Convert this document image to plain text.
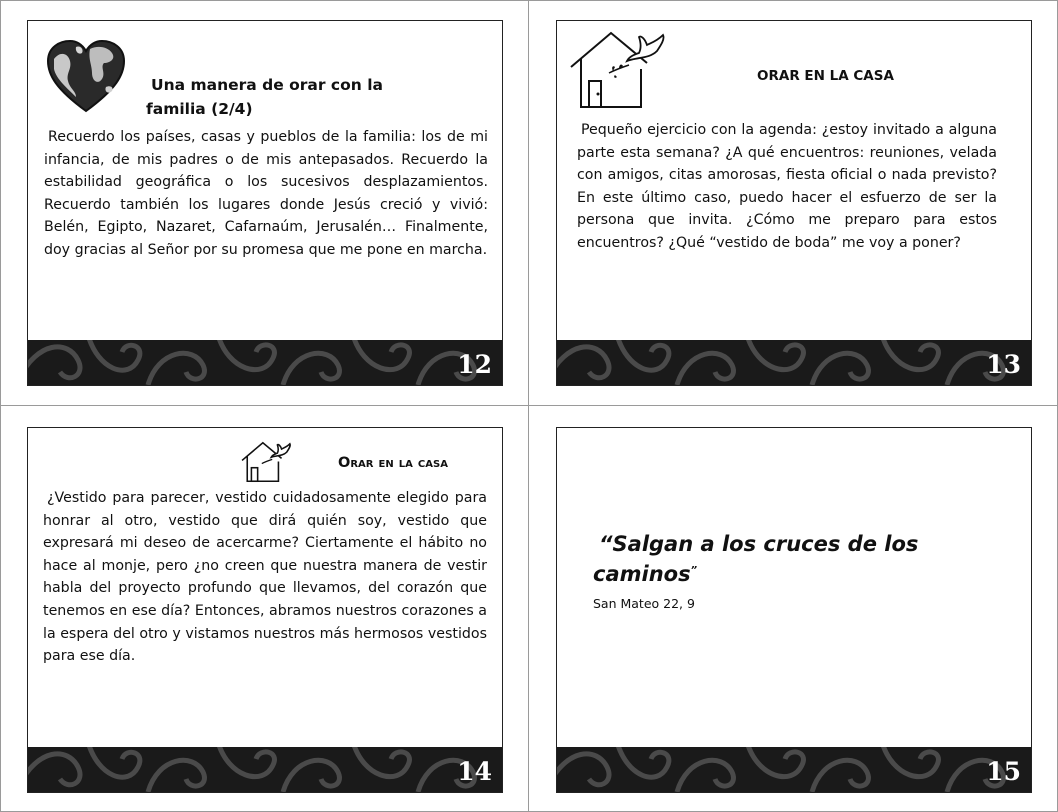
Una manera de orar con la
familia (2/4)
Recuerdo los países, casas y pueblos de la familia: los de mi infancia, de mis padres o de mis antepasados. Recuerdo la estabilidad geográfica o los sucesivos desplazamientos. Recuerdo también los lugares donde Jesús creció y vivió: Belén, Egipto, Nazaret, Cafarnaúm, Jerusalén… Finalmente, doy gracias al Señor por su promesa que me pone en marcha.
12
ORAR EN LA CASA
Pequeño ejercicio con la agenda: ¿estoy invitado a alguna parte esta semana? ¿A qué encuentros: reuniones, velada con amigos, citas amorosas, fiesta oficial o nada previsto? En este último caso, puedo hacer el esfuerzo de ser la persona que invita. ¿Cómo me preparo para estos encuentros? ¿Qué “vestido de boda” me voy a poner?
13
Orar en la casa
¿Vestido para parecer, vestido cuidadosamente elegido para honrar al otro, vestido que dirá quién soy, vestido que expresará mi deseo de acercarme? Ciertamente el hábito no hace al monje, pero ¿no creen que nuestra manera de vestir habla del proyecto profundo que llevamos, del corazón que tenemos en ese día? Entonces, abramos nuestros corazones a la espera del otro y vistamos nuestros más hermosos vestidos para ese día.
14
“Salgan a los cruces de los
caminos”
San Mateo 22, 9
15
